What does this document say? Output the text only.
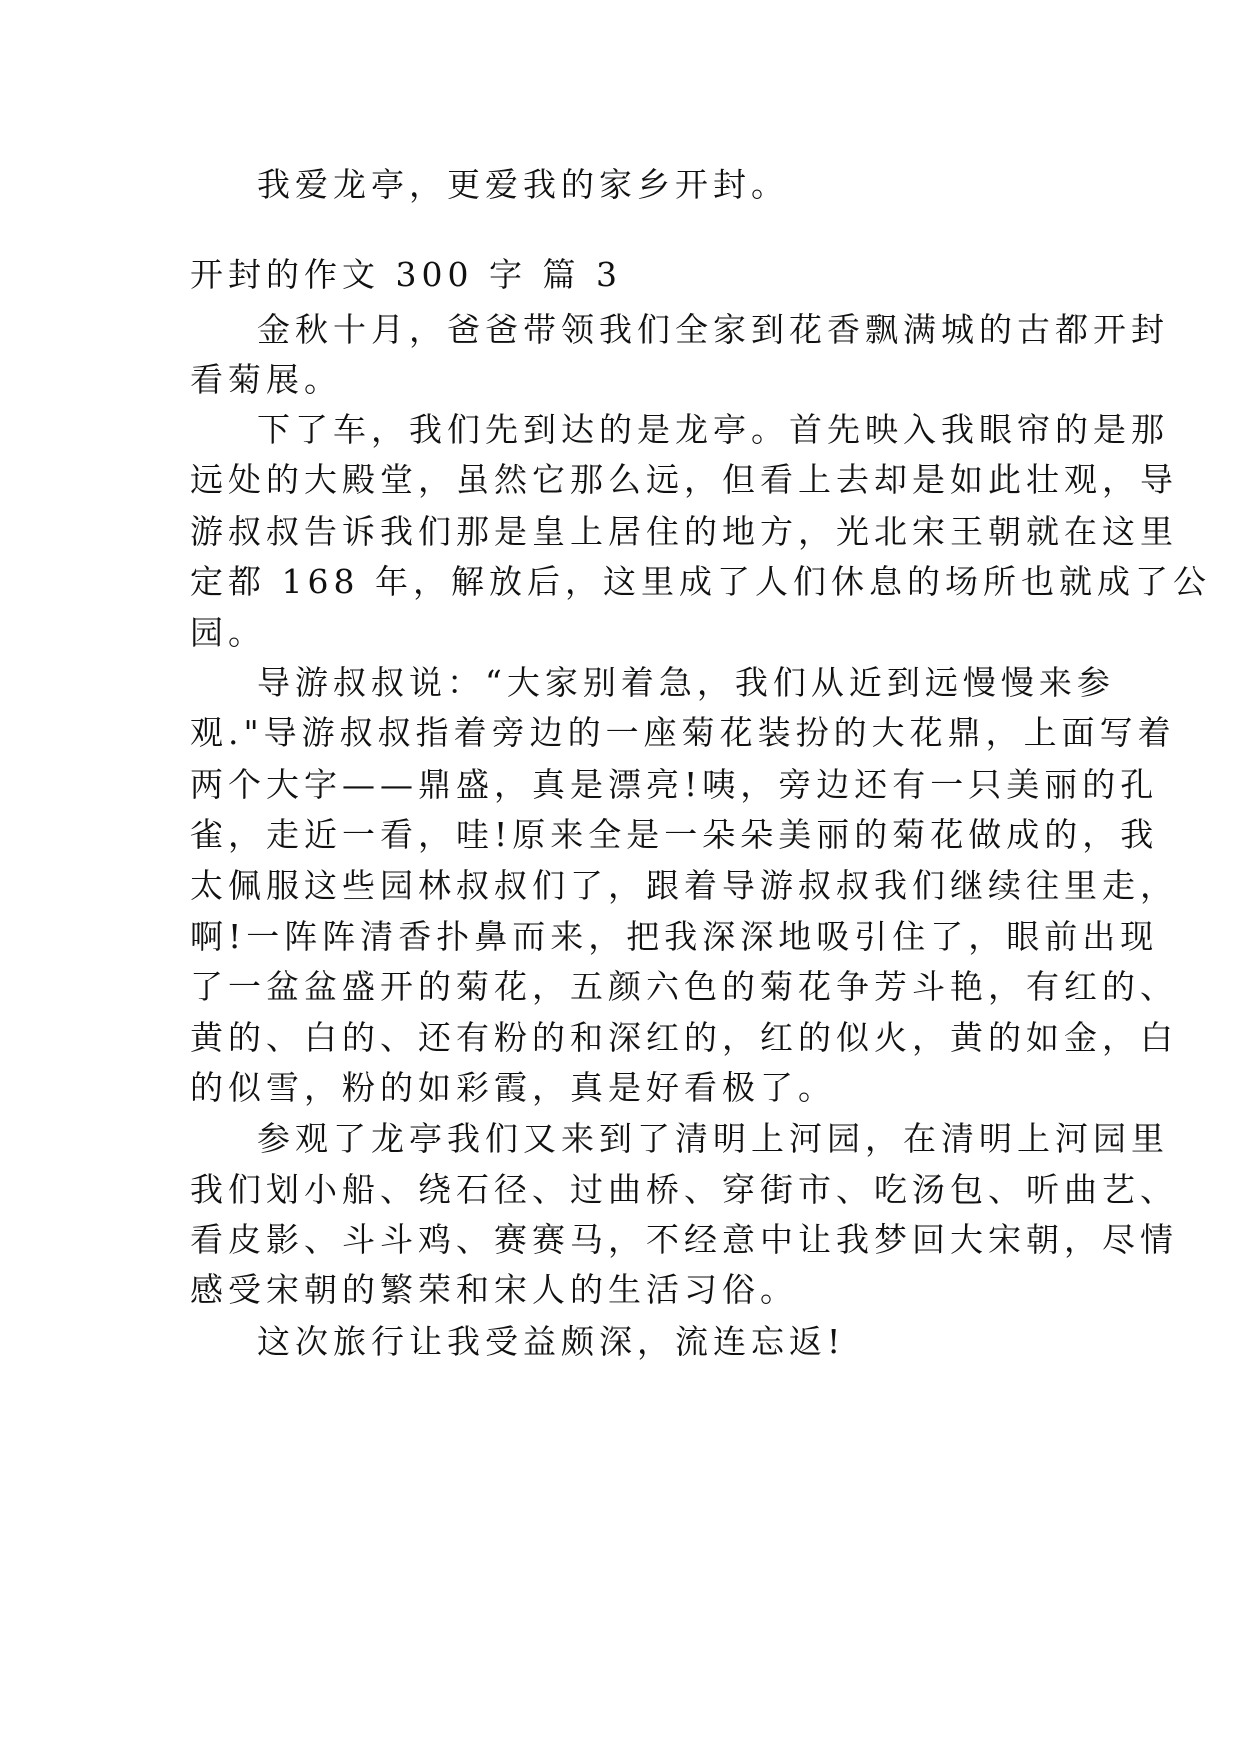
我爱龙亭，更爱我的家乡开封。
开封的作文 300 字 篇 3
金秋十月，爸爸带领我们全家到花香飘满城的古都开封
看菊展。
下了车，我们先到达的是龙亭。首先映入我眼帘的是那
远处的大殿堂，虽然它那么远，但看上去却是如此壮观，导
游叔叔告诉我们那是皇上居住的地方，光北宋王朝就在这里
定都 168 年，解放后，这里成了人们休息的场所也就成了公
园。
导游叔叔说：“大家别着急，我们从近到远慢慢来参
观."导游叔叔指着旁边的一座菊花装扮的大花鼎，上面写着
两个大字——鼎盛，真是漂亮!咦，旁边还有一只美丽的孔
雀，走近一看，哇!原来全是一朵朵美丽的菊花做成的，我
太佩服这些园林叔叔们了，跟着导游叔叔我们继续往里走，
啊!一阵阵清香扑鼻而来，把我深深地吸引住了，眼前出现
了一盆盆盛开的菊花，五颜六色的菊花争芳斗艳，有红的、
黄的、白的、还有粉的和深红的，红的似火，黄的如金，白
的似雪，粉的如彩霞，真是好看极了。
参观了龙亭我们又来到了清明上河园，在清明上河园里
我们划小船、绕石径、过曲桥、穿街市、吃汤包、听曲艺、
看皮影、斗斗鸡、赛赛马，不经意中让我梦回大宋朝，尽情
感受宋朝的繁荣和宋人的生活习俗。
这次旅行让我受益颇深，流连忘返!
